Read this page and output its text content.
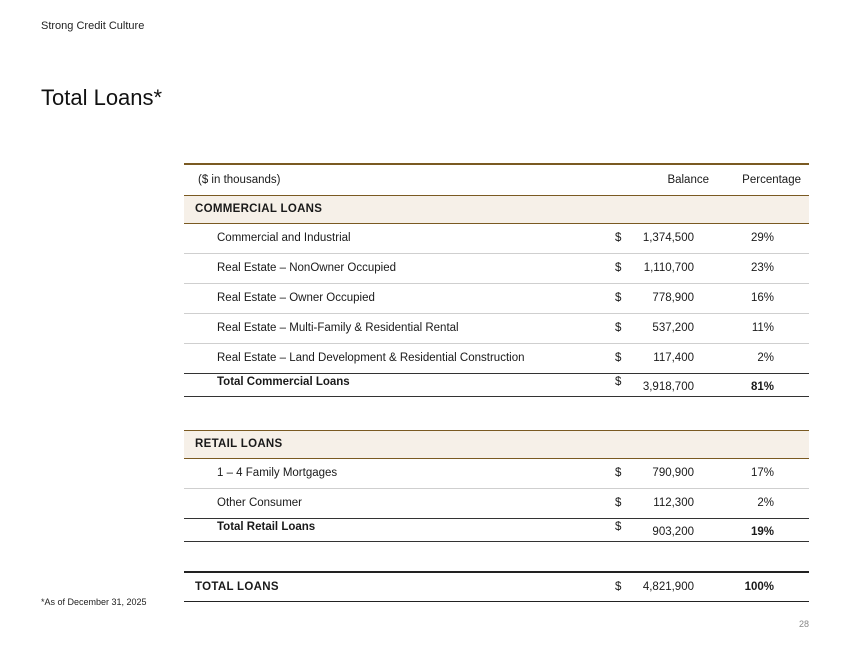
Strong Credit Culture
Total Loans*
($ in thousands)	Balance	Percentage
COMMERCIAL LOANS
Commercial and Industrial	$ 1,374,500	29%
Real Estate – NonOwner Occupied	$ 1,110,700	23%
Real Estate – Owner Occupied	$	778,900	16%
Real Estate – Multi-Family & Residential Rental	$	537,200	11%
Real Estate – Land Development & Residential Construction	$	117,400	2%
Total Commercial Loans	$ 3,918,700	81%
RETAIL LOANS
1 – 4 Family Mortgages	$	790,900	17%
Other Consumer	$	112,300	2%
Total Retail Loans	$	903,200	19%
TOTAL LOANS	$ 4,821,900	100%
*As of December 31, 2025
28
